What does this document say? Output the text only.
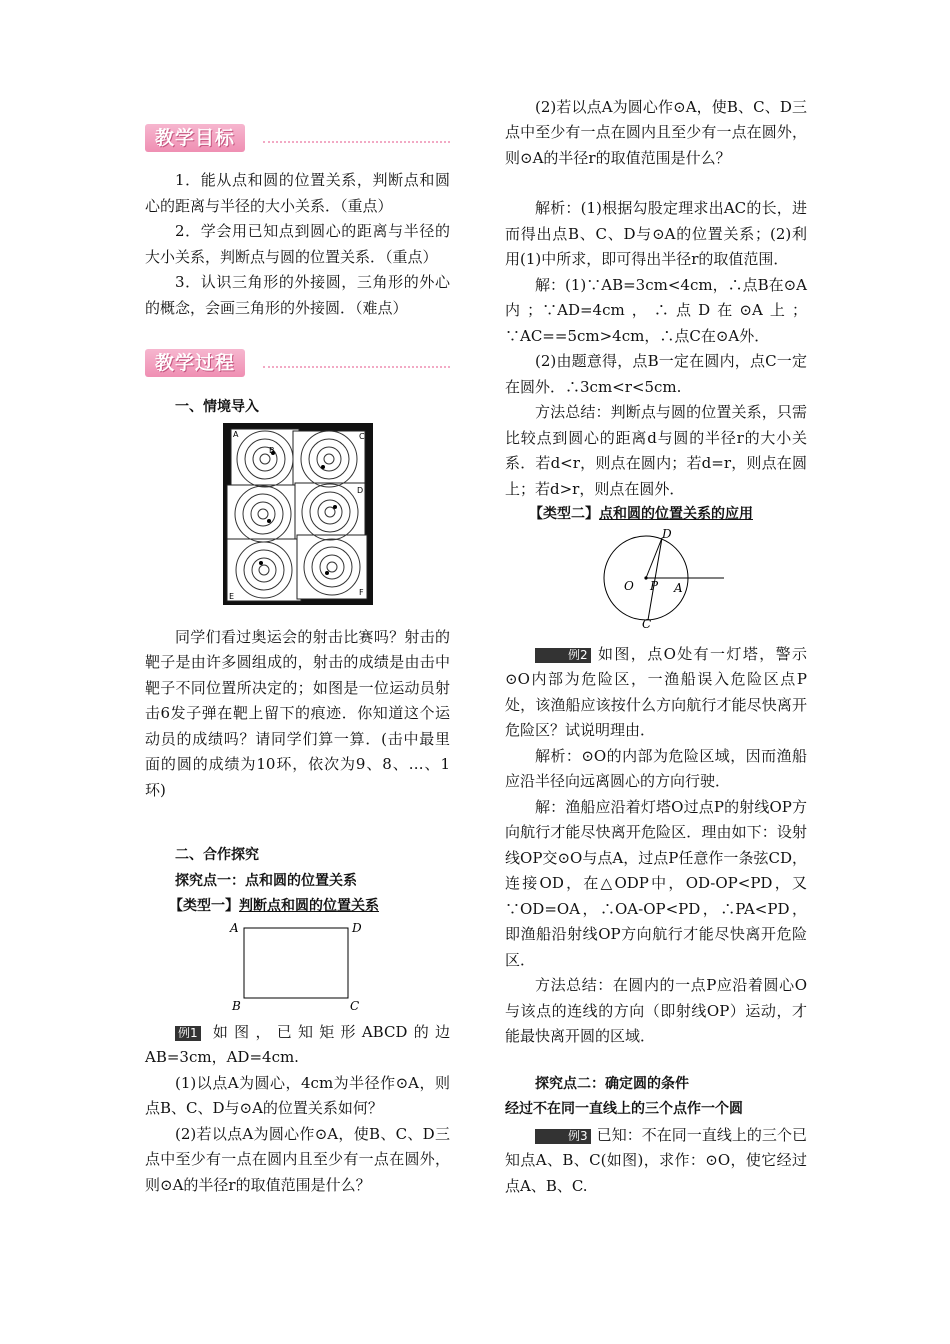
教学目标

1．能从点和圆的位置关系，判断点和圆心的距离与半径的大小关系．（重点）

2．学会用已知点到圆心的距离与半径的大小关系，判断点与圆的位置关系．（重点）

3．认识三角形的外接圆，三角形的外心的概念，会画三角形的外接圆．（难点）

教学过程

一、情境导入

A
B
C
D
E	F

同学们看过奥运会的射击比赛吗？射击的靶子是由许多圆组成的，射击的成绩是由击中靶子不同位置所决定的；如图是一位运动员射击6发子弹在靶上留下的痕迹．你知道这个运动员的成绩吗？请同学们算一算．(击中最里面的圆的成绩为10环，依次为9、8、…、1环)

二、合作探究

探究点一：点和圆的位置关系

【类型一】判断点和圆的位置关系

A	D
B	C

例1 如图，已知矩形ABCD的边AB=3cm，AD=4cm.

(1)以点A为圆心，4cm为半径作⊙A，则点B、C、D与⊙A的位置关系如何？

(2)若以点A为圆心作⊙A，使B、C、D三点中至少有一点在圆内且至少有一点在圆外，则⊙A的半径r的取值范围是什么？

(2)若以点A为圆心作⊙A，使B、C、D三点中至少有一点在圆内且至少有一点在圆外，则⊙A的半径r的取值范围是什么？

解析：(1)根据勾股定理求出AC的长，进而得出点B、C、D与⊙A的位置关系；(2)利用(1)中所求，即可得出半径r的取值范围．

解：(1)∵AB=3cm<4cm，∴点B在⊙A内；∵AD=4cm，∴点D在⊙A上；∵AC==5cm>4cm，∴点C在⊙A外．

(2)由题意得，点B一定在圆内，点C一定在圆外．∴3cm<r<5cm.

方法总结：判断点与圆的位置关系，只需比较点到圆心的距离d与圆的半径r的大小关系．若d<r，则点在圆内；若d=r，则点在圆上；若d>r，则点在圆外．

【类型二】点和圆的位置关系的应用

O P A
D
C

例2 如图，点O处有一灯塔，警示⊙O内部为危险区，一渔船误入危险区点P处，该渔船应该按什么方向航行才能尽快离开危险区？试说明理由．

解析：⊙O的内部为危险区域，因而渔船应沿半径向远离圆心的方向行驶．

解：渔船应沿着灯塔O过点P的射线OP方向航行才能尽快离开危险区．理由如下：设射线OP交⊙O与点A，过点P任意作一条弦CD，连接OD，在△ODP中，OD-OP<PD，又∵OD=OA，∴OA-OP<PD，∴PA<PD，即渔船沿射线OP方向航行才能尽快离开危险区．

方法总结：在圆内的一点P应沿着圆心O与该点的连线的方向（即射线OP）运动，才能最快离开圆的区域．

探究点二：确定圆的条件

经过不在同一直线上的三个点作一个圆

例3 已知：不在同一直线上的三个已知点A、B、C(如图)，求作：⊙O，使它经过点A、B、C.
